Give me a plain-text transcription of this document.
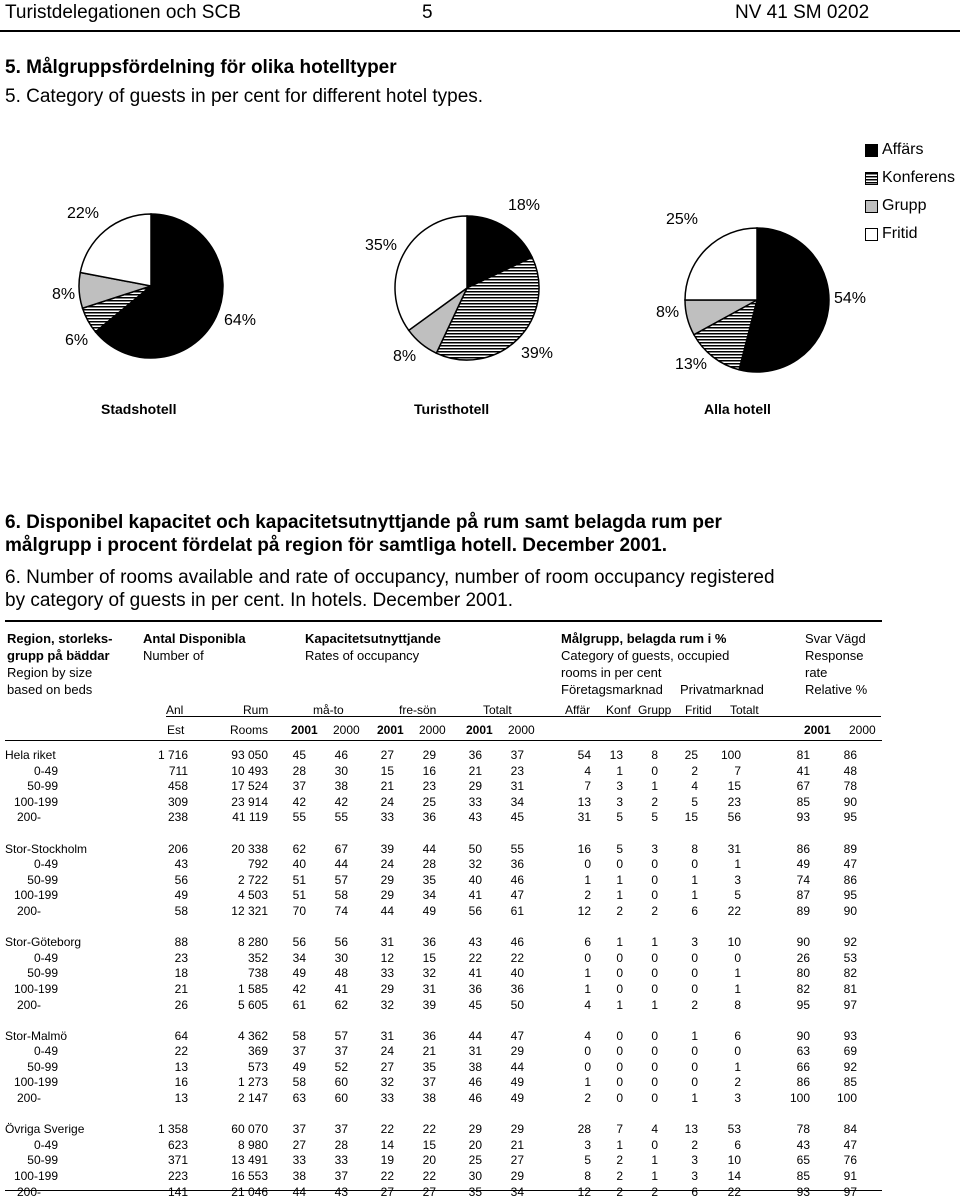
Turistdelegationen och SCB	5	NV 41 SM 0202
5. Målgruppsfördelning för olika hotelltyper
5. Category of guests in per cent for different hotel types.
22%
8%
6%
64%
18%
35%
8%	39%
25%
54%
8%
13%
Stadshotell	Turisthotell	Alla hotell
Affärs
Konferens
Grupp
Fritid
6. Disponibel kapacitet och kapacitetsutnyttjande på rum samt belagda rum per
målgrupp i procent fördelat på region för samtliga hotell. December 2001.
6. Number of rooms available and rate of occupancy, number of room occupancy registered
by category of guests in per cent. In hotels. December 2001.
Region, storleks-
grupp på bäddar
Region by size
based on beds
Antal Disponibla
Number of
Kapacitetsutnyttjande
Rates of occupancy
Målgrupp, belagda rum i %
Category of guests, occupied
rooms in per cent
Företagsmarknad Privatmarknad
Svar Vägd
Response
rate
Relative %
Anl	Rum	må-to	fre-sön	Totalt	Affär Konf Grupp Fritid Totalt
Est	Rooms 2001 2000 2001 2000 2001 2000	2001 2000
Hela riket	1 716	93 050	45	46	27	29	36	37	54	13	8	25	100	81	86
0-49	711	10 493	28	30	15	16	21	23	4	1	0	2	7	41	48
50-99	458	17 524	37	38	21	23	29	31	7	3	1	4	15	67	78
100-199	309	23 914	42	42	24	25	33	34	13	3	2	5	23	85	90
200-	238	41 119	55	55	33	36	43	45	31	5	5	15	56	93	95

Stor-Stockholm	206	20 338	62	67	39	44	50	55	16	5	3	8	31	86	89
0-49	43	792	40	44	24	28	32	36	0	0	0	0	1	49	47
50-99	56	2 722	51	57	29	35	40	46	1	1	0	1	3	74	86
100-199	49	4 503	51	58	29	34	41	47	2	1	0	1	5	87	95
200-	58	12 321	70	74	44	49	56	61	12	2	2	6	22	89	90

Stor-Göteborg	88	8 280	56	56	31	36	43	46	6	1	1	3	10	90	92
0-49	23	352	34	30	12	15	22	22	0	0	0	0	0	26	53
50-99	18	738	49	48	33	32	41	40	1	0	0	0	1	80	82
100-199	21	1 585	42	41	29	31	36	36	1	0	0	0	1	82	81
200-	26	5 605	61	62	32	39	45	50	4	1	1	2	8	95	97

Stor-Malmö	64	4 362	58	57	31	36	44	47	4	0	0	1	6	90	93
0-49	22	369	37	37	24	21	31	29	0	0	0	0	0	63	69
50-99	13	573	49	52	27	35	38	44	0	0	0	0	1	66	92
100-199	16	1 273	58	60	32	37	46	49	1	0	0	0	2	86	85
200-	13	2 147	63	60	33	38	46	49	2	0	0	1	3	100	100

Övriga Sverige	1 358	60 070	37	37	22	22	29	29	28	7	4	13	53	78	84
0-49	623	8 980	27	28	14	15	20	21	3	1	0	2	6	43	47
50-99	371	13 491	33	33	19	20	25	27	5	2	1	3	10	65	76
100-199	223	16 553	38	37	22	22	30	29	8	2	1	3	14	85	91
200-	141	21 046	44	43	27	27	35	34	12	2	2	6	22	93	97
